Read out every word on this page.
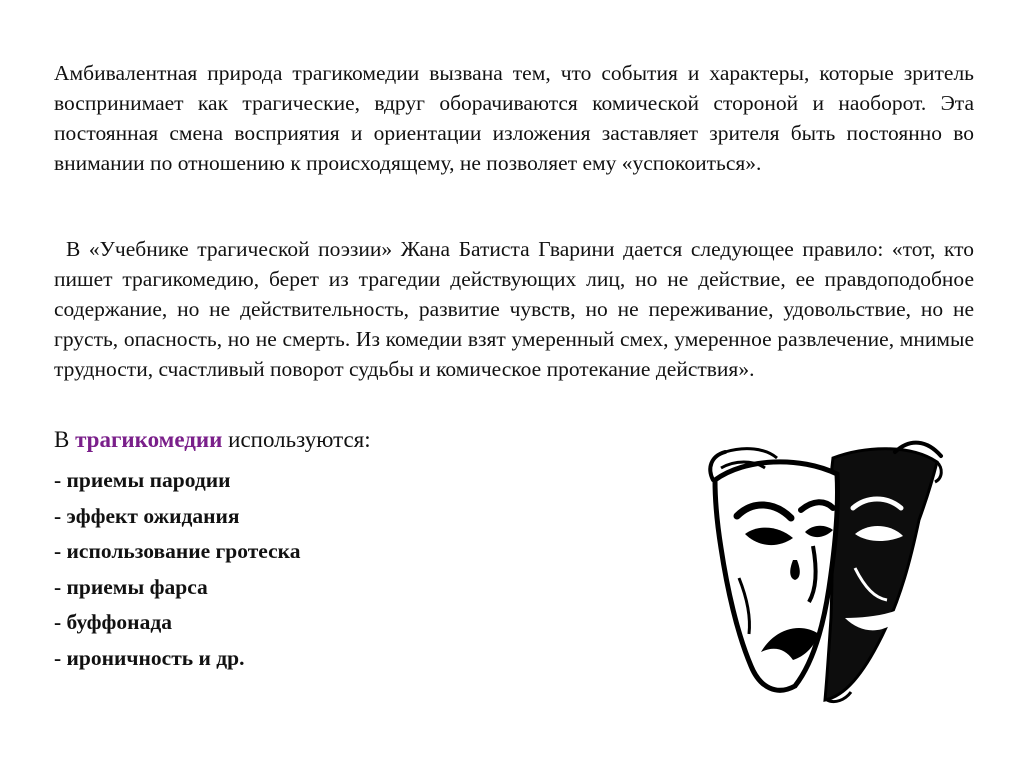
Амбивалентная природа трагикомедии вызвана тем, что события и характеры, которые зритель воспринимает как трагические, вдруг оборачиваются комической стороной и наоборот. Эта постоянная смена восприятия и ориентации изложения заставляет зрителя быть постоянно во внимании по отношению к происходящему, не позволяет ему «успокоиться».

В «Учебнике трагической поэзии» Жана Батиста Гварини дается следующее правило: «тот, кто пишет трагикомедию, берет из трагедии действующих лиц, но не действие, ее правдоподобное содержание, но не действительность, развитие чувств, но не переживание, удовольствие, но не грусть, опасность, но не смерть. Из комедии взят умеренный смех, умеренное развлечение, мнимые трудности, счастливый поворот судьбы и комическое протекание действия».

В трагикомедии используются:

- приемы пародии
- эффект ожидания
- использование гротеска
- приемы фарса
- буффонада
- ироничность и др.
